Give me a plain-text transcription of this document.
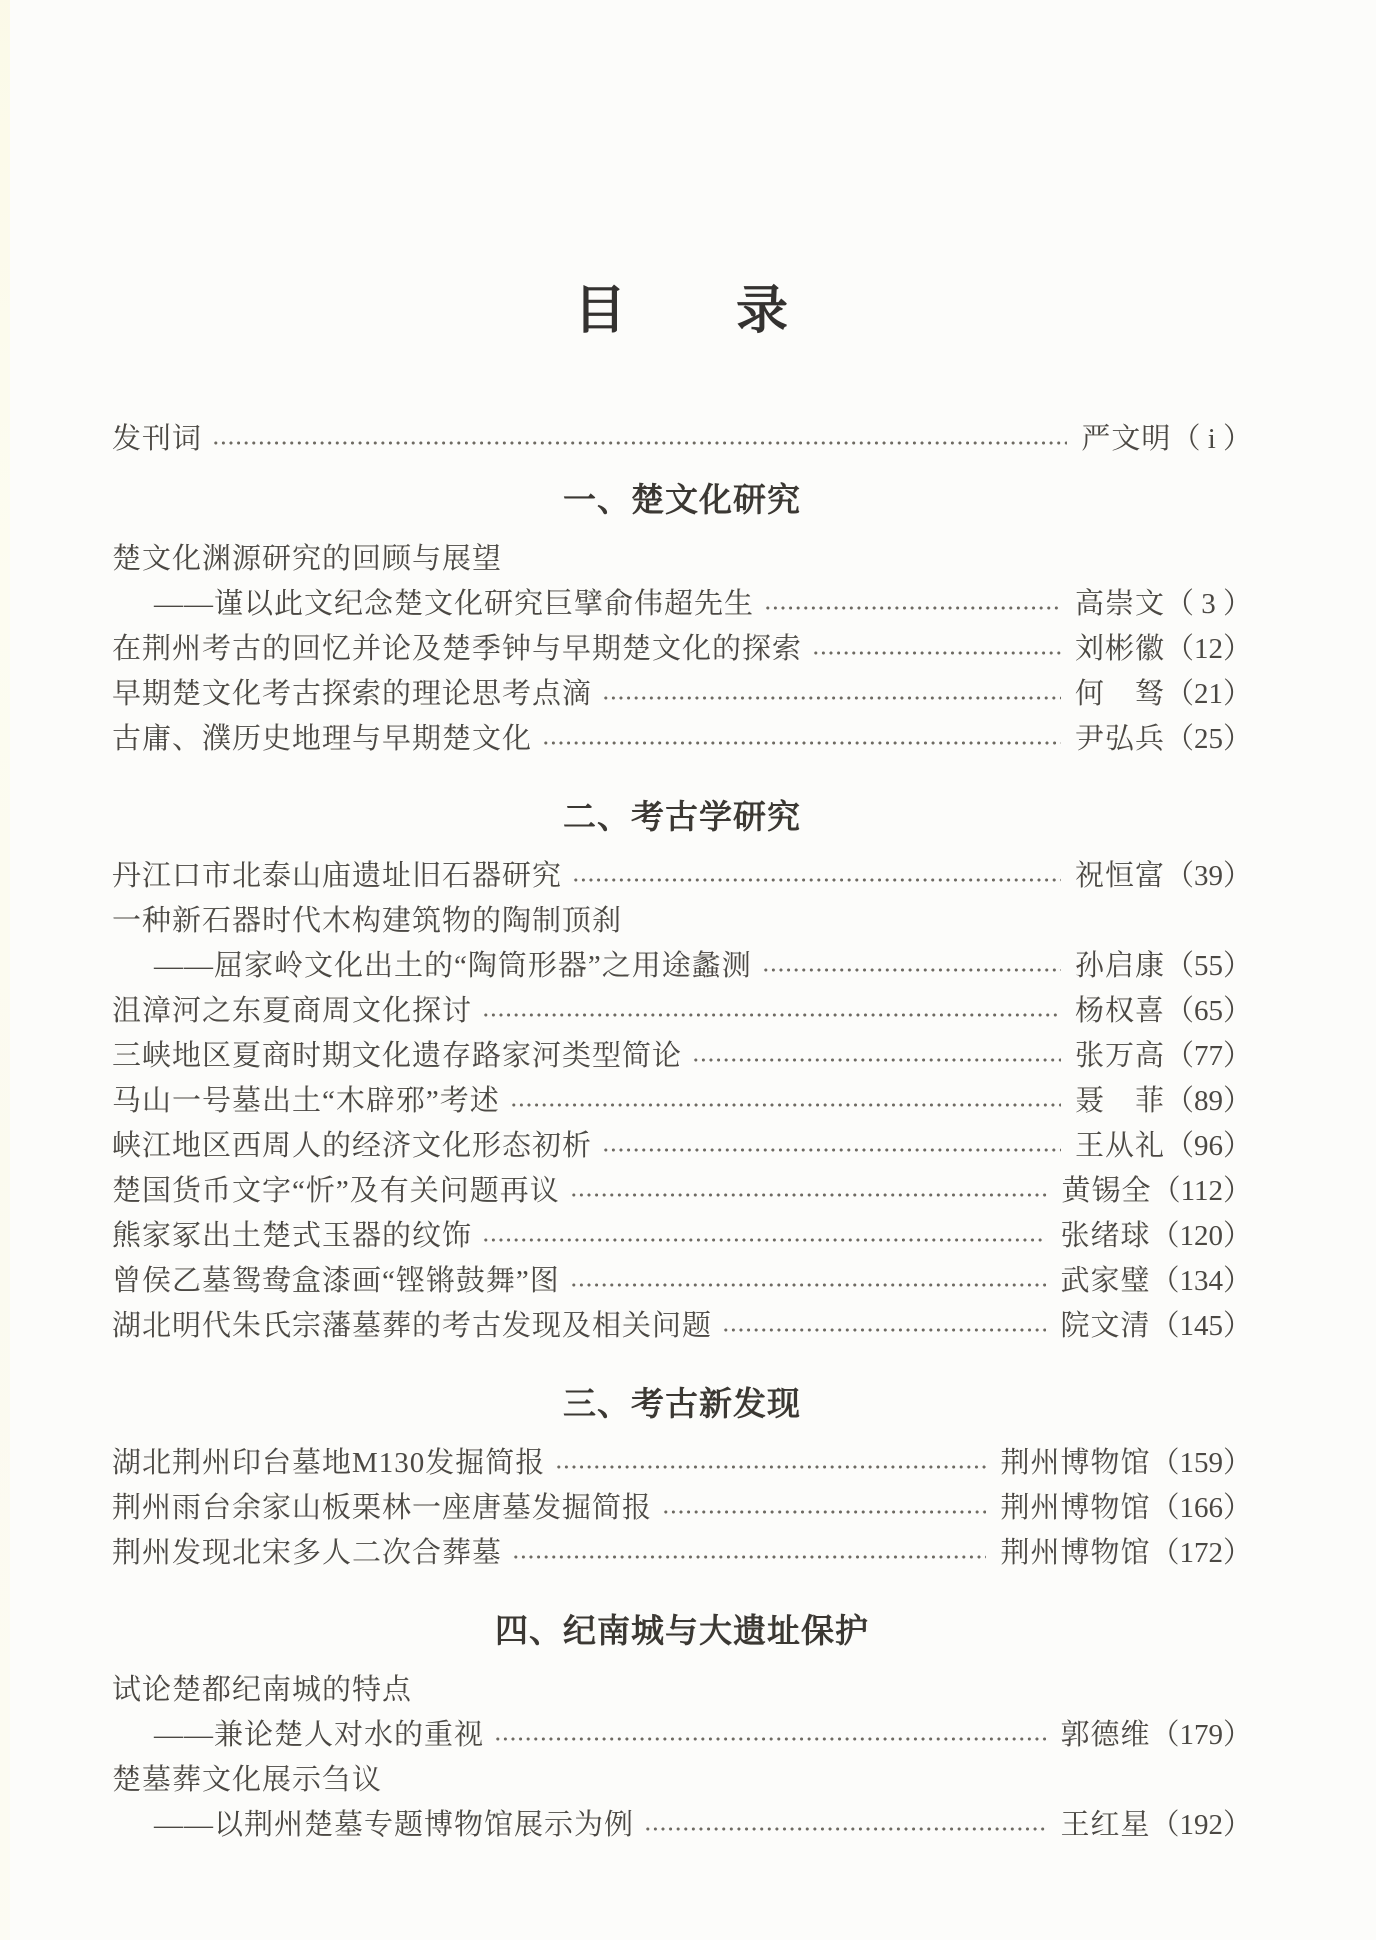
目　　录
发刊词	严文明 （ i ）
一、楚文化研究
楚文化渊源研究的回顾与展望
——谨以此文纪念楚文化研究巨擘俞伟超先生	高崇文 （ 3 ）
在荆州考古的回忆并论及楚季钟与早期楚文化的探索	刘彬徽 （12）
早期楚文化考古探索的理论思考点滴	何　驽 （21）
古庸、濮历史地理与早期楚文化	尹弘兵 （25）
二、考古学研究
丹江口市北泰山庙遗址旧石器研究	祝恒富 （39）
一种新石器时代木构建筑物的陶制顶刹
——屈家岭文化出土的“陶筒形器”之用途蠡测	孙启康 （55）
沮漳河之东夏商周文化探讨	杨权喜 （65）
三峡地区夏商时期文化遗存路家河类型简论	张万高 （77）
马山一号墓出土“木辟邪”考述	聂　菲 （89）
峡江地区西周人的经济文化形态初析	王从礼 （96）
楚国货币文字“忻”及有关问题再议	黄锡全 （112）
熊家冢出土楚式玉器的纹饰	张绪球 （120）
曾侯乙墓鸳鸯盒漆画“铿锵鼓舞”图	武家璧 （134）
湖北明代朱氏宗藩墓葬的考古发现及相关问题	院文清 （145）
三、考古新发现
湖北荆州印台墓地M130发掘简报	荆州博物馆 （159）
荆州雨台余家山板栗林一座唐墓发掘简报	荆州博物馆 （166）
荆州发现北宋多人二次合葬墓	荆州博物馆 （172）
四、纪南城与大遗址保护
试论楚都纪南城的特点
——兼论楚人对水的重视	郭德维 （179）
楚墓葬文化展示刍议
——以荆州楚墓专题博物馆展示为例	王红星 （192）
